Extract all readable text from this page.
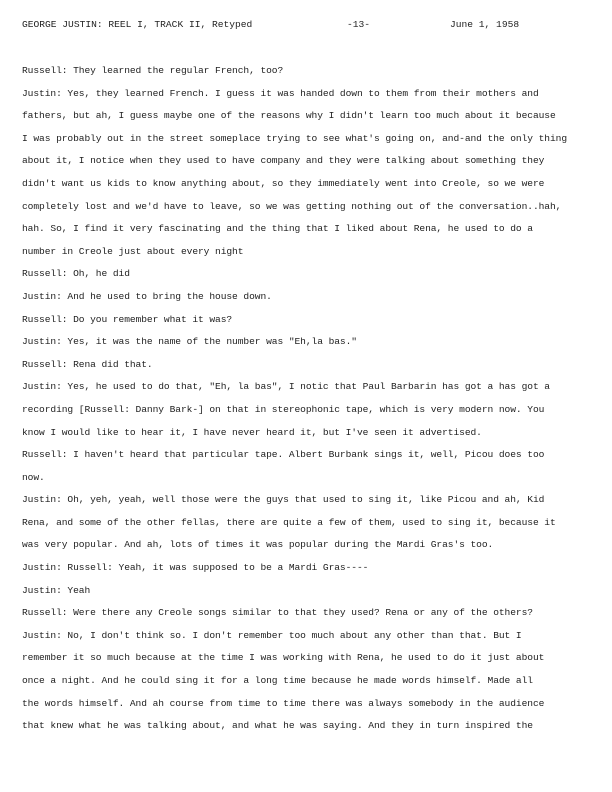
GEORGE JUSTIN: REEL I, TRACK II, Retyped	-13-	June 1, 1958
Russell: They learned the regular French, too?
Justin: Yes, they learned French. I guess it was handed down to them from their mothers and
fathers, but ah, I guess maybe one of the reasons why I didn't learn too much about it because
I was probably out in the street someplace trying to see what's going on, and-and the only thing
about it, I notice when they used to have company and they were talking about something they
didn't want us kids to know anything about, so they immediately went into Creole, so we were
completely lost and we'd have to leave, so we was getting nothing out of the conversation..hah,
hah. So, I find it very fascinating and the thing that I liked about Rena, he used to do a
number in Creole just about every night
Russell: Oh, he did
Justin: And he used to bring the house down.
Russell: Do you remember what it was?
Justin: Yes, it was the name of the number was "Eh,la bas."
Russell: Rena did that.
Justin: Yes, he used to do that, "Eh, la bas", I notic that Paul Barbarin has got a has got a
recording [Russell: Danny Bark-] on that in stereophonic tape, which is very modern now. You
know I would like to hear it, I have never heard it, but I've seen it advertised.
Russell: I haven't heard that particular tape. Albert Burbank sings it, well, Picou does too
now.
Justin: Oh, yeh, yeah, well those were the guys that used to sing it, like Picou and ah, Kid
Rena, and some of the other fellas, there are quite a few of them, used to sing it, because it
was very popular. And ah, lots of times it was popular during the Mardi Gras's too.
Justin: Russell: Yeah, it was supposed to be a Mardi Gras----
Justin: Yeah
Russell: Were there any Creole songs similar to that they used? Rena or any of the others?
Justin: No, I don't think so. I don't remember too much about any other than that. But I
remember it so much because at the time I was working with Rena, he used to do it just about
once a night. And he could sing it for a long time because he made words himself. Made all
the words himself. And ah course from time to time there was always somebody in the audience
that knew what he was talking about, and what he was saying. And they in turn inspired the
